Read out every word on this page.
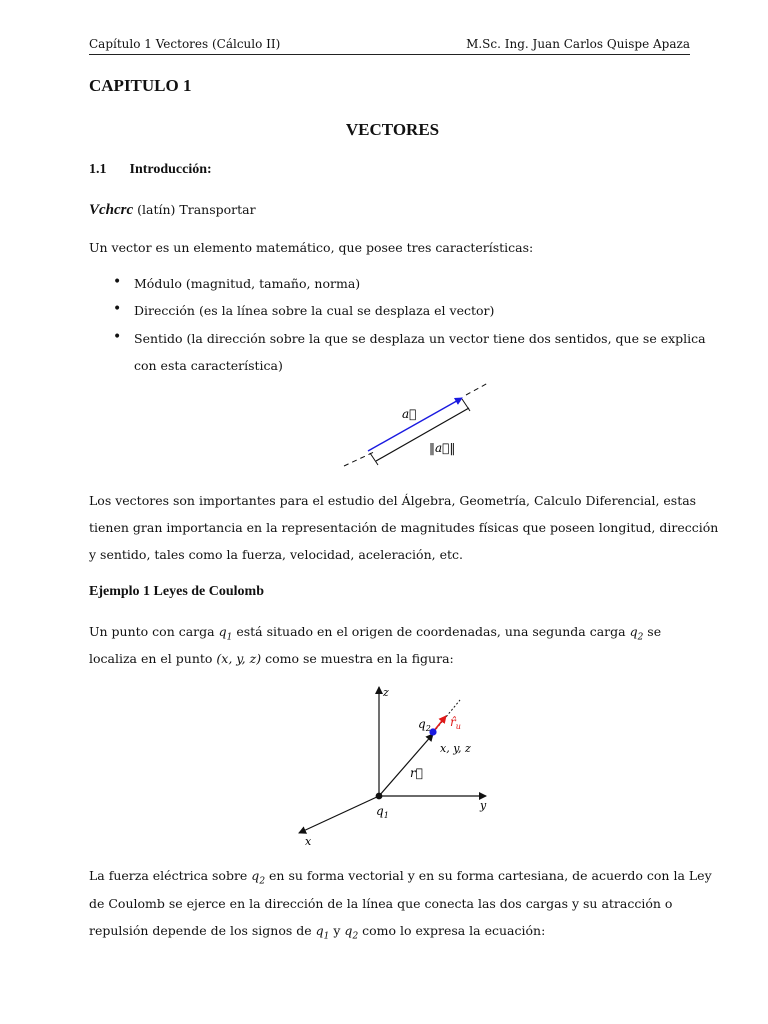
Capítulo 1 Vectores (Cálculo II)	M.Sc. Ing. Juan Carlos Quispe Apaza
CAPITULO 1
VECTORES
1.1 Introducción:
Vchcrc (latín) Transportar
Un vector es un elemento matemático, que posee tres características:
• Módulo (magnitud, tamaño, norma)
• Dirección (es la línea sobre la cual se desplaza el vector)
• Sentido (la dirección sobre la que se desplaza un vector tiene dos sentidos, que se explica
con esta característica)
a⃗
‖a⃗‖
Los vectores son importantes para el estudio del Álgebra, Geometría, Calculo Diferencial, estas
tienen gran importancia en la representación de magnitudes físicas que poseen longitud, dirección
y sentido, tales como la fuerza, velocidad, aceleración, etc.
Ejemplo 1 Leyes de Coulomb
Un punto con carga $q_1$ está situado en el origen de coordenadas, una segunda carga $q_2$ se
localiza en el punto (x, y, z) como se muestra en la figura:
z
y
x
$q_1$
$q_2$
x, y, z
r⃗
$r̂_u$
La fuerza eléctrica sobre $q_2$ en su forma vectorial y en su forma cartesiana, de acuerdo con la Ley
de Coulomb se ejerce en la dirección de la línea que conecta las dos cargas y su atracción o
repulsión depende de los signos de $q_1$ y $q_2$ como lo expresa la ecuación:
